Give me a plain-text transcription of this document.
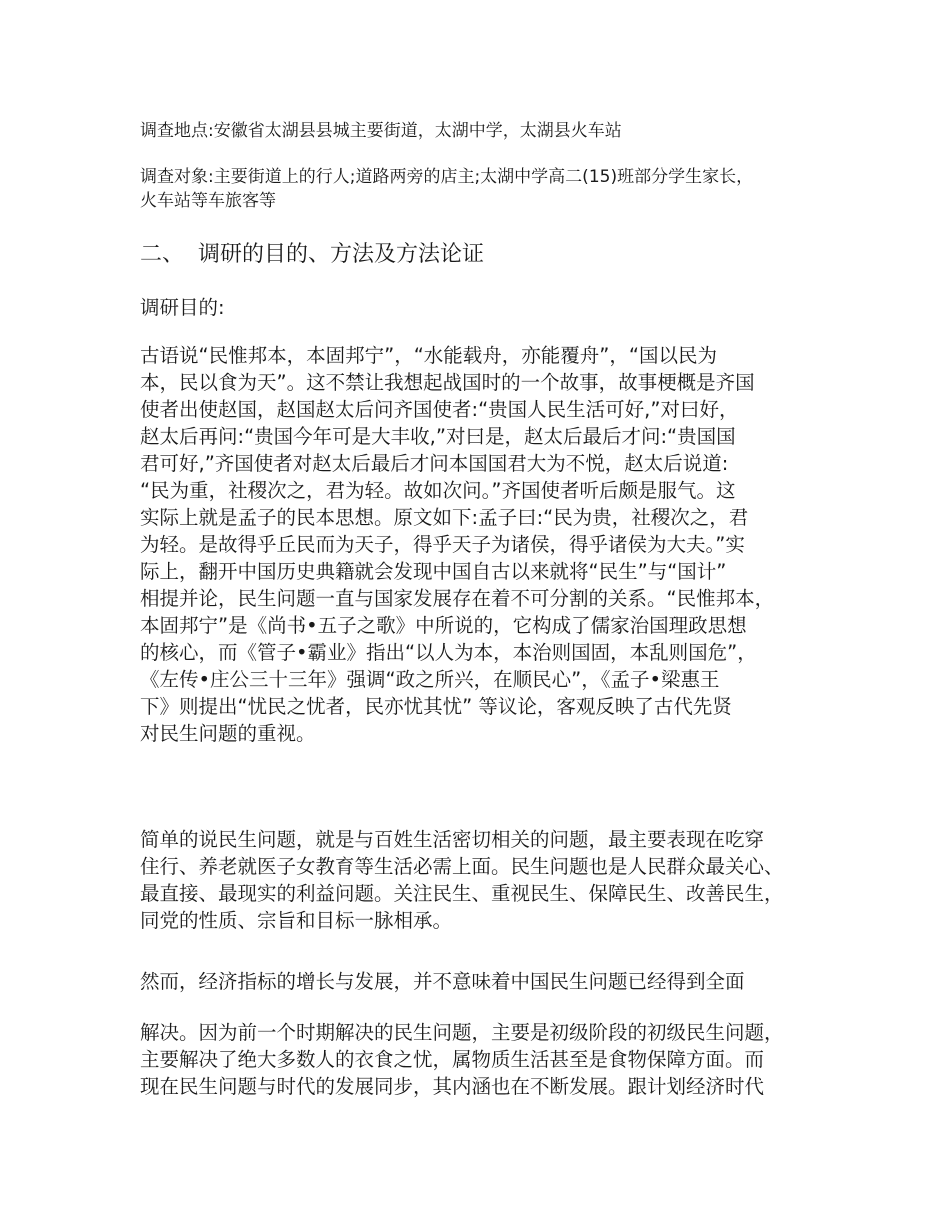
调查地点:安徽省太湖县县城主要街道，太湖中学，太湖县火车站

调查对象:主要街道上的行人;道路两旁的店主;太湖中学高二(15)班部分学生家长，
火车站等车旅客等

二、 调研的目的、方法及方法论证

调研目的:

古语说“民惟邦本，本固邦宁”，“水能载舟，亦能覆舟”，“国以民为
本，民以食为天”。这不禁让我想起战国时的一个故事，故事梗概是齐国
使者出使赵国，赵国赵太后问齐国使者:“贵国人民生活可好,”对曰好，
赵太后再问:“贵国今年可是大丰收,”对曰是，赵太后最后才问:“贵国国
君可好,”齐国使者对赵太后最后才问本国国君大为不悦，赵太后说道:
“民为重，社稷次之，君为轻。故如次问。”齐国使者听后颇是服气。这
实际上就是孟子的民本思想。原文如下:孟子曰:“民为贵，社稷次之，君
为轻。是故得乎丘民而为天子，得乎天子为诸侯，得乎诸侯为大夫。”实
际上，翻开中国历史典籍就会发现中国自古以来就将“民生”与“国计”
相提并论，民生问题一直与国家发展存在着不可分割的关系。“民惟邦本，
本固邦宁”是《尚书•五子之歌》中所说的，它构成了儒家治国理政思想
的核心，而《管子•霸业》指出“以人为本，本治则国固，本乱则国危”，
《左传•庄公三十三年》强调“政之所兴，在顺民心”，《孟子•梁惠王
下》则提出“忧民之忧者，民亦忧其忧” 等议论，客观反映了古代先贤
对民生问题的重视。

简单的说民生问题，就是与百姓生活密切相关的问题，最主要表现在吃穿
住行、养老就医子女教育等生活必需上面。民生问题也是人民群众最关心、
最直接、最现实的利益问题。关注民生、重视民生、保障民生、改善民生，
同党的性质、宗旨和目标一脉相承。

然而，经济指标的增长与发展，并不意味着中国民生问题已经得到全面

解决。因为前一个时期解决的民生问题，主要是初级阶段的初级民生问题，
主要解决了绝大多数人的衣食之忧，属物质生活甚至是食物保障方面。而
现在民生问题与时代的发展同步，其内涵也在不断发展。跟计划经济时代
